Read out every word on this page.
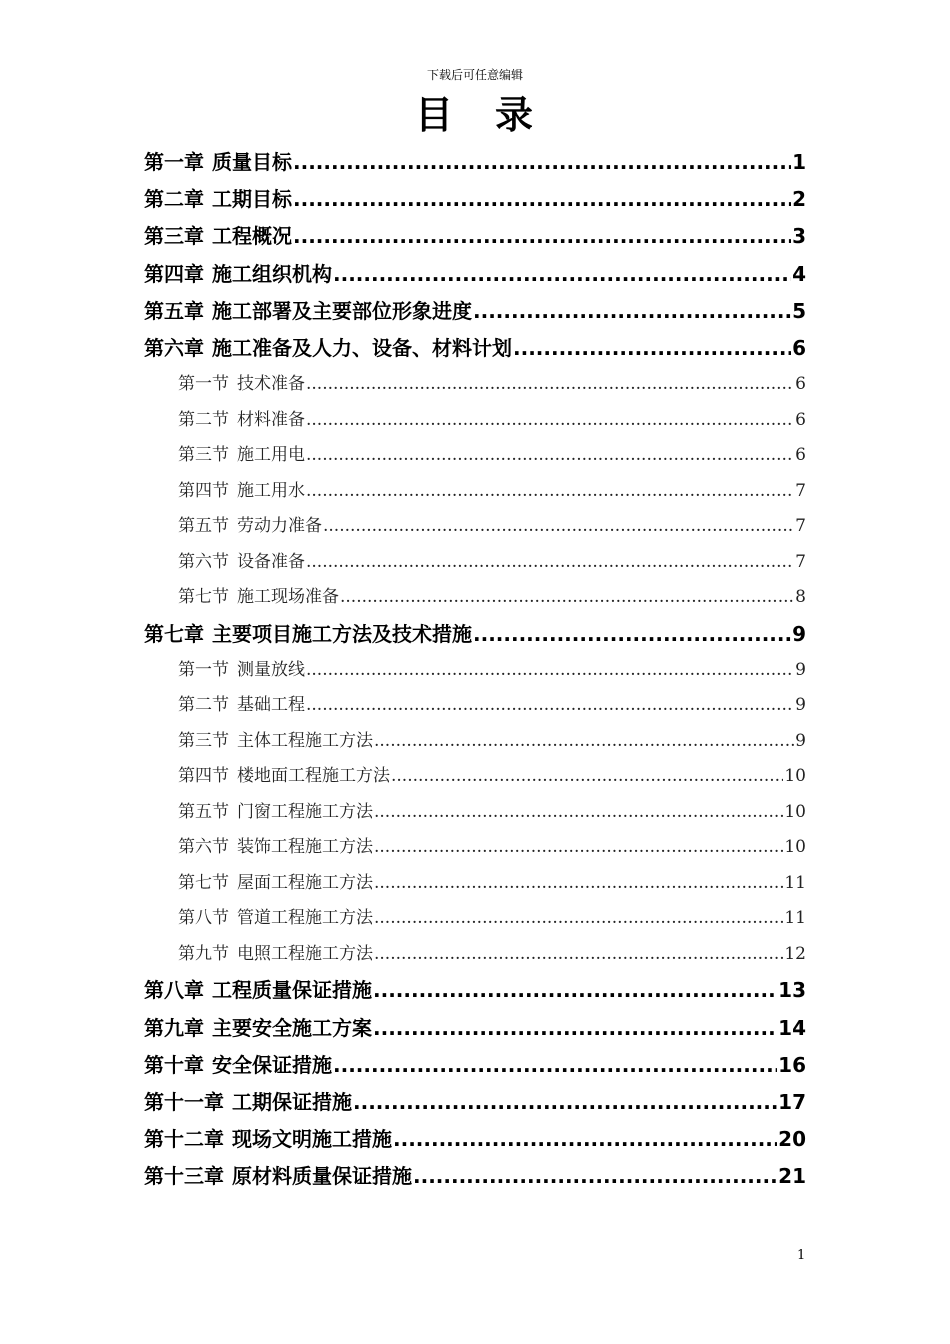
下载后可任意编辑
目　录
第一章 质量目标 .....	1
第二章 工期目标 .....	2
第三章 工程概况 .....	3
第四章 施工组织机构 .....	4
第五章 施工部署及主要部位形象进度 .....	5
第六章 施工准备及人力、设备、材料计划 .....	6
第一节 技术准备 .....	6
第二节 材料准备 .....	6
第三节 施工用电 .....	6
第四节 施工用水 .....	7
第五节 劳动力准备 .....	7
第六节 设备准备 .....	7
第七节 施工现场准备 .....	8
第七章 主要项目施工方法及技术措施 .....	9
第一节 测量放线 .....	9
第二节 基础工程 .....	9
第三节 主体工程施工方法 .....	9
第四节 楼地面工程施工方法 .....	10
第五节 门窗工程施工方法 .....	10
第六节 装饰工程施工方法 .....	10
第七节 屋面工程施工方法 .....	11
第八节 管道工程施工方法 .....	11
第九节 电照工程施工方法 .....	12
第八章 工程质量保证措施 .....	13
第九章 主要安全施工方案 .....	14
第十章 安全保证措施 .....	16
第十一章 工期保证措施 .....	17
第十二章 现场文明施工措施 .....	20
第十三章 原材料质量保证措施 .....	21
1
